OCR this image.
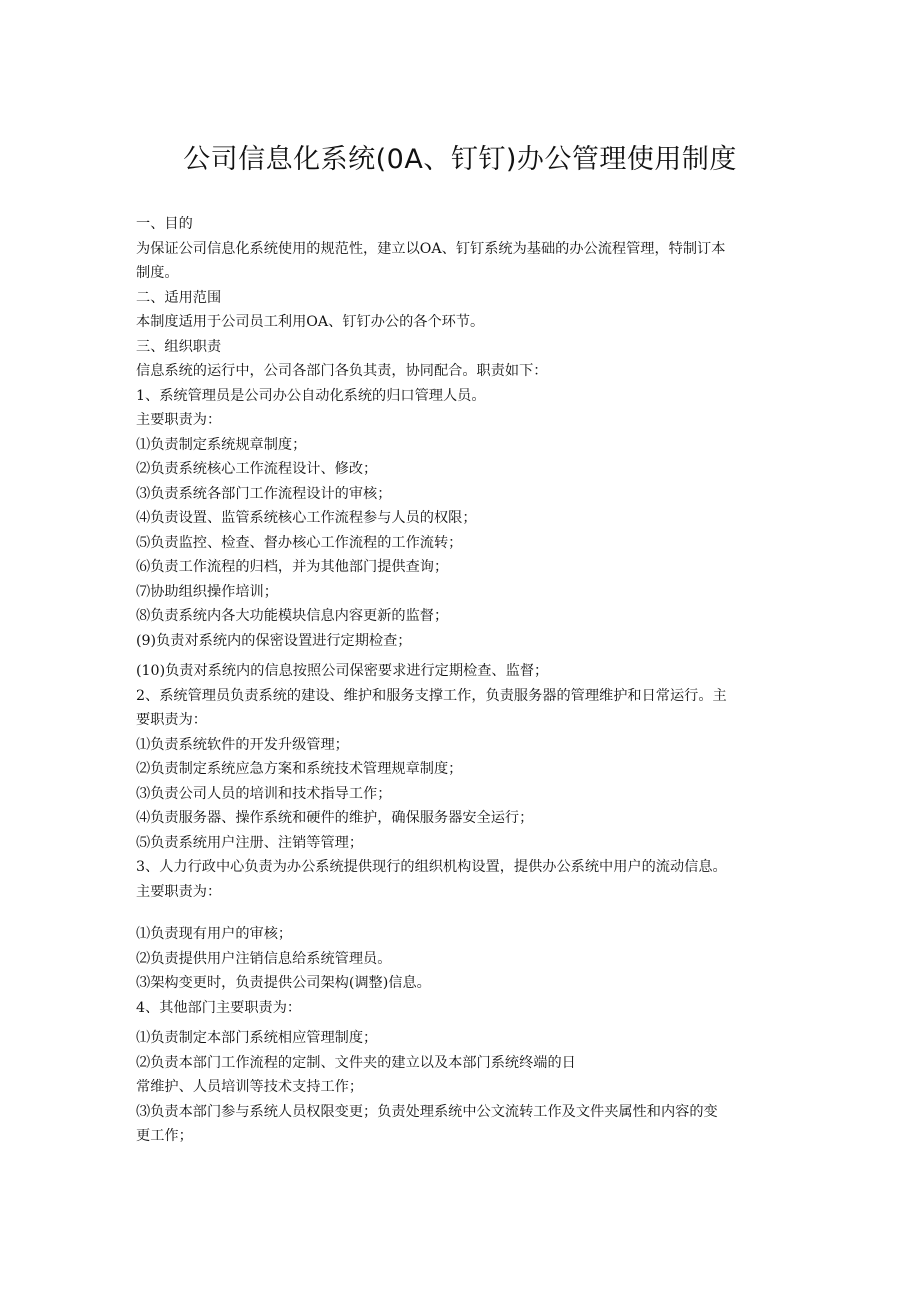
公司信息化系统(0A、钉钉)办公管理使用制度
一、目的
为保证公司信息化系统使用的规范性，建立以OA、钉钉系统为基础的办公流程管理，特制订本
制度。
二、适用范围
本制度适用于公司员工利用OA、钉钉办公的各个环节。
三、组织职责
信息系统的运行中，公司各部门各负其责，协同配合。职责如下：
1、系统管理员是公司办公自动化系统的归口管理人员。
主要职责为：
⑴负责制定系统规章制度；
⑵负责系统核心工作流程设计、修改；
⑶负责系统各部门工作流程设计的审核；
⑷负责设置、监管系统核心工作流程参与人员的权限；
⑸负责监控、检查、督办核心工作流程的工作流转；
⑹负责工作流程的归档，并为其他部门提供查询；
⑺协助组织操作培训；
⑻负责系统内各大功能模块信息内容更新的监督；
(9)负责对系统内的保密设置进行定期检查；
(10)负责对系统内的信息按照公司保密要求进行定期检查、监督；
2、系统管理员负责系统的建设、维护和服务支撑工作，负责服务器的管理维护和日常运行。主
要职责为：
⑴负责系统软件的开发升级管理；
⑵负责制定系统应急方案和系统技术管理规章制度；
⑶负责公司人员的培训和技术指导工作；
⑷负责服务器、操作系统和硬件的维护，确保服务器安全运行；
⑸负责系统用户注册、注销等管理；
3、人力行政中心负责为办公系统提供现行的组织机构设置，提供办公系统中用户的流动信息。
主要职责为：
⑴负责现有用户的审核；
⑵负责提供用户注销信息给系统管理员。
⑶架构变更时，负责提供公司架构(调整)信息。
4、其他部门主要职责为：
⑴负责制定本部门系统相应管理制度；
⑵负责本部门工作流程的定制、文件夹的建立以及本部门系统终端的日
常维护、人员培训等技术支持工作；
⑶负责本部门参与系统人员权限变更；负责处理系统中公文流转工作及文件夹属性和内容的变
更工作；
